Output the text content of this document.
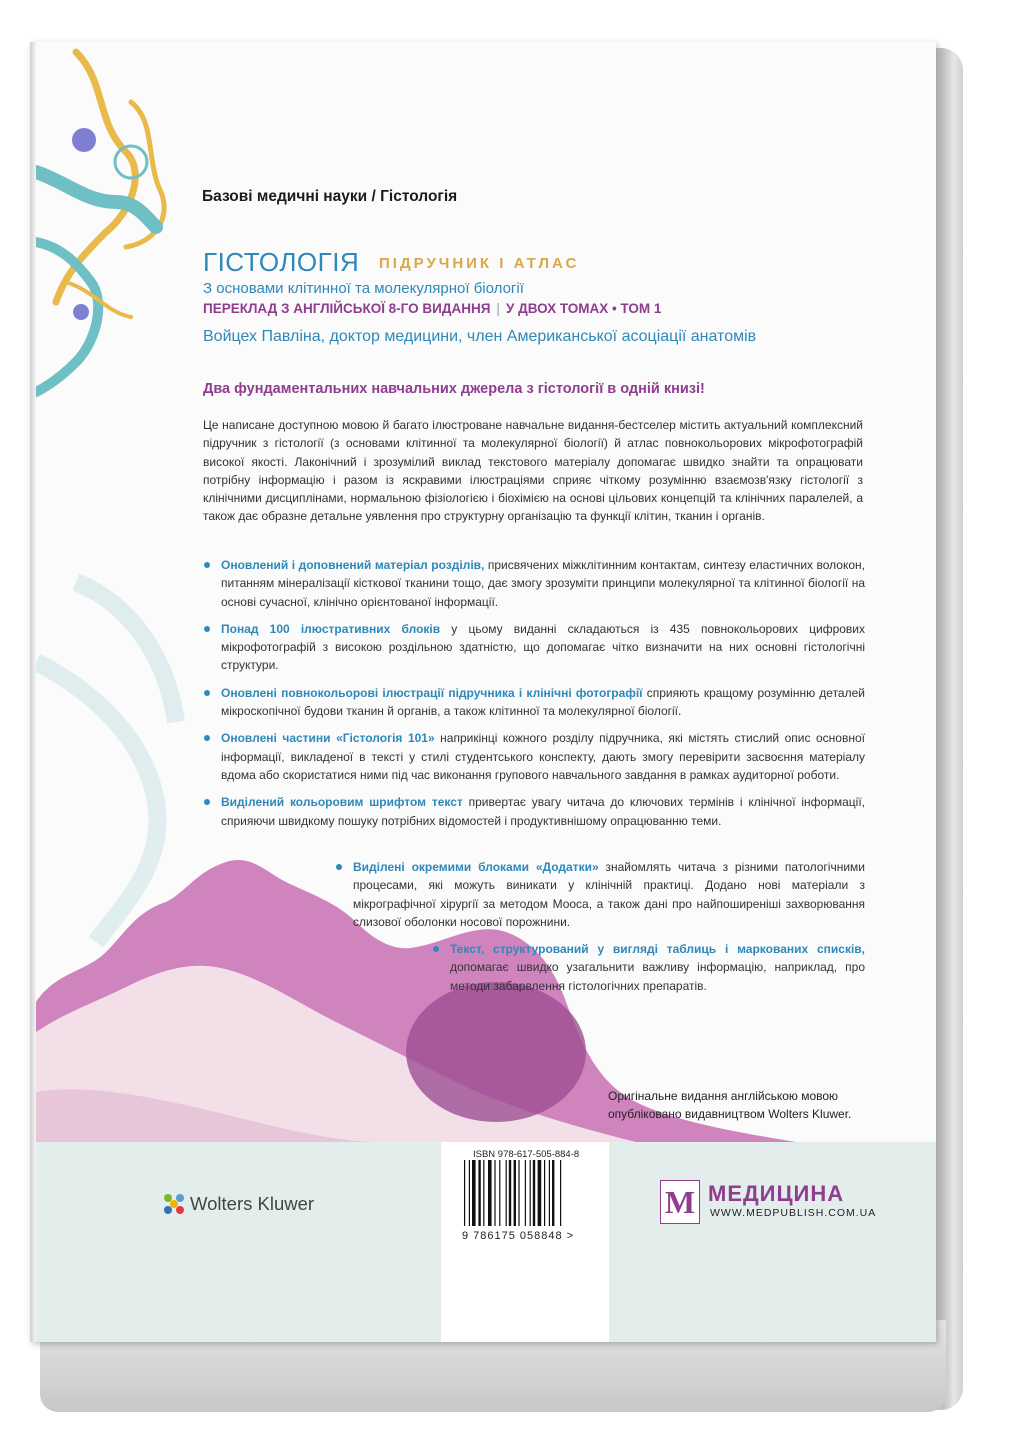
Базові медичні науки / Гістологія
ГІСТОЛОГІЯ ПІДРУЧНИК І АТЛАС
З основами клітинної та молекулярної біології
ПЕРЕКЛАД З АНГЛІЙСЬКОЇ 8-ГО ВИДАННЯ | У ДВОХ ТОМАХ • ТОМ 1
Войцех Павліна, доктор медицини, член Американської асоціації анатомів
Два фундаментальних навчальних джерела з гістології в одній книзі!
Це написане доступною мовою й багато ілюстроване навчальне видання-бестселер містить актуальний комплексний підручник з гістології (з основами клітинної та молекулярної біології) й атлас повнокольорових мікрофотографій високої якості. Лаконічний і зрозумілий виклад текстового матеріалу допомагає швидко знайти та опрацювати потрібну інформацію і разом із яскравими ілюстраціями сприяє чіткому розумінню взаємозв'язку гістології з клінічними дисциплінами, нормальною фізіологією і біохімією на основі цільових концепцій та клінічних паралелей, а також дає образне детальне уявлення про структурну організацію та функції клітин, тканин і органів.
Оновлений і доповнений матеріал розділів, присвячених міжклітинним контактам, синтезу еластичних волокон, питанням мінералізації кісткової тканини тощо, дає змогу зрозуміти принципи молекулярної та клітинної біології на основі сучасної, клінічно орієнтованої інформації.
Понад 100 ілюстративних блоків у цьому виданні складаються із 435 повнокольорових цифрових мікрофотографій з високою роздільною здатністю, що допомагає чітко визначити на них основні гістологічні структури.
Оновлені повнокольорові ілюстрації підручника і клінічні фотографії сприяють кращому розумінню деталей мікроскопічної будови тканин й органів, а також клітинної та молекулярної біології.
Оновлені частини «Гістологія 101» наприкінці кожного розділу підручника, які містять стислий опис основної інформації, викладеної в тексті у стилі студентського конспекту, дають змогу перевірити засвоєння матеріалу вдома або скористатися ними під час виконання групового навчального завдання в рамках аудиторної роботи.
Виділений кольоровим шрифтом текст привертає увагу читача до ключових термінів і клінічної інформації, сприяючи швидкому пошуку потрібних відомостей і продуктивнішому опрацюванню теми.
Виділені окремими блоками «Додатки» знайомлять читача з різними патологічними процесами, які можуть виникати у клінічній практиці. Додано нові матеріали з мікрографічної хірургії за методом Мооса, а також дані про найпоширеніші захворювання слизової оболонки носової порожнини.
Текст, структурований у вигляді таблиць і маркованих списків, допомагає швидко узагальнити важливу інформацію, наприклад, про методи забарвлення гістологічних препаратів.
Оригінальне видання англійською мовою
опубліковано видавництвом Wolters Kluwer.
ISBN 978-617-505-884-8
9 786175 058848 >
Wolters Kluwer	M МЕДИЦИНА
WWW.MEDPUBLISH.COM.UA
